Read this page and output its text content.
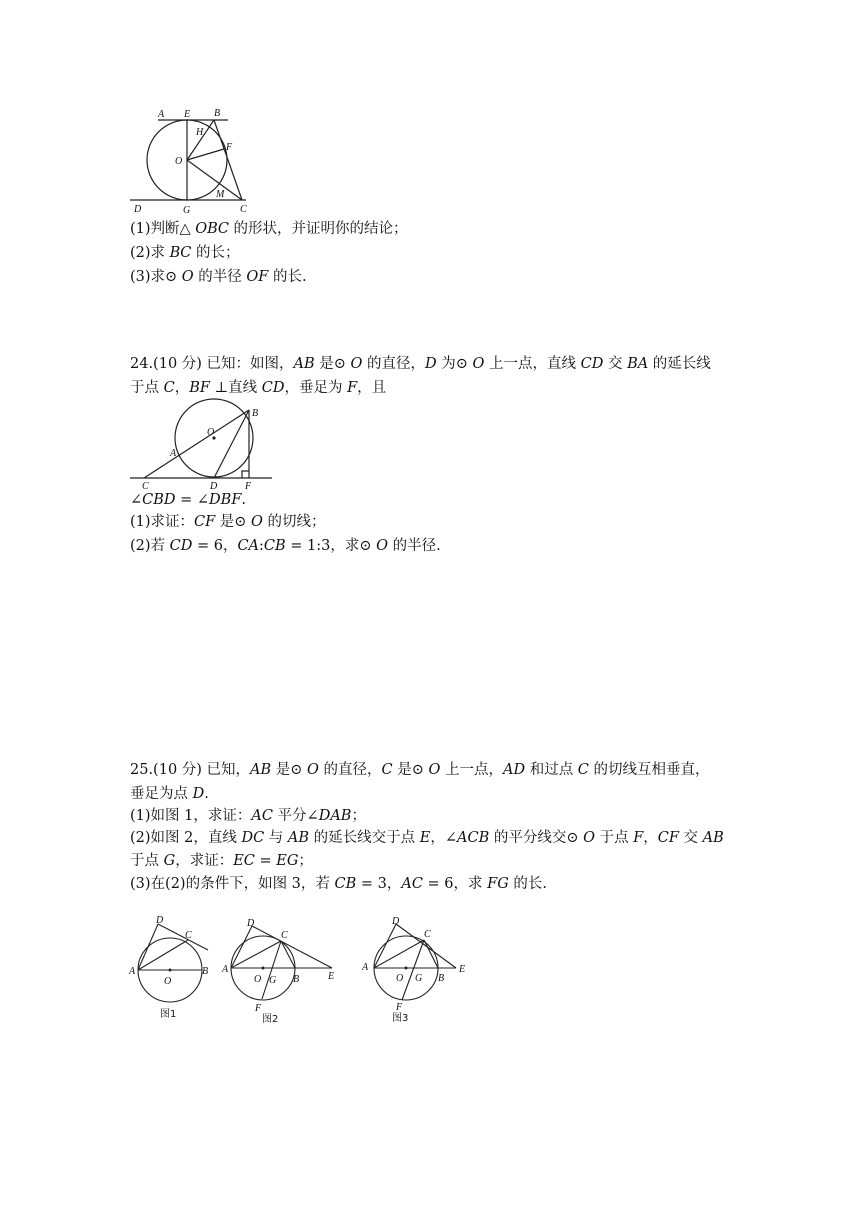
A E B
H
F
O
M
D	G	C
(1)判断△ 𝑂𝐵𝐶 的形状，并证明你的结论；
(2)求 𝐵𝐶 的长；
(3)求⊙ 𝑂 的半径 𝑂𝐹 的长.
24.(10 分) 已知：如图，𝐴𝐵 是⊙ 𝑂 的直径，𝐷 为⊙ 𝑂 上一点，直线 𝐶𝐷 交 𝐵𝐴 的延长线
于点 𝐶，𝐵𝐹 ⊥直线 𝐶𝐷，垂足为 𝐹，且
B
O
A
C	D	F
∠𝐶𝐵𝐷 = ∠𝐷𝐵𝐹.
(1)求证：𝐶𝐹 是⊙ 𝑂 的切线；
(2)若 𝐶𝐷 = 6，𝐶𝐴:𝐶𝐵 = 1:3，求⊙ 𝑂 的半径.
25.(10 分) 已知，𝐴𝐵 是⊙ 𝑂 的直径，𝐶 是⊙ 𝑂 上一点，𝐴𝐷 和过点 𝐶 的切线互相垂直，
垂足为点 𝐷.
(1)如图 1，求证：𝐴𝐶 平分∠𝐷𝐴𝐵；
(2)如图 2，直线 𝐷𝐶 与 𝐴𝐵 的延长线交于点 𝐸，∠𝐴𝐶𝐵 的平分线交⊙ 𝑂 于点 𝐹，𝐶𝐹 交 𝐴𝐵
于点 𝐺，求证：𝐸𝐶 = 𝐸𝐺；
(3)在(2)的条件下，如图 3，若 𝐶𝐵 = 3，𝐴𝐶 = 6，求 𝐹𝐺 的长.
D
C
A	B
O
图1
D
C
A
O G B	E
F
图2
D
C
A
O G B
E
F
图3
